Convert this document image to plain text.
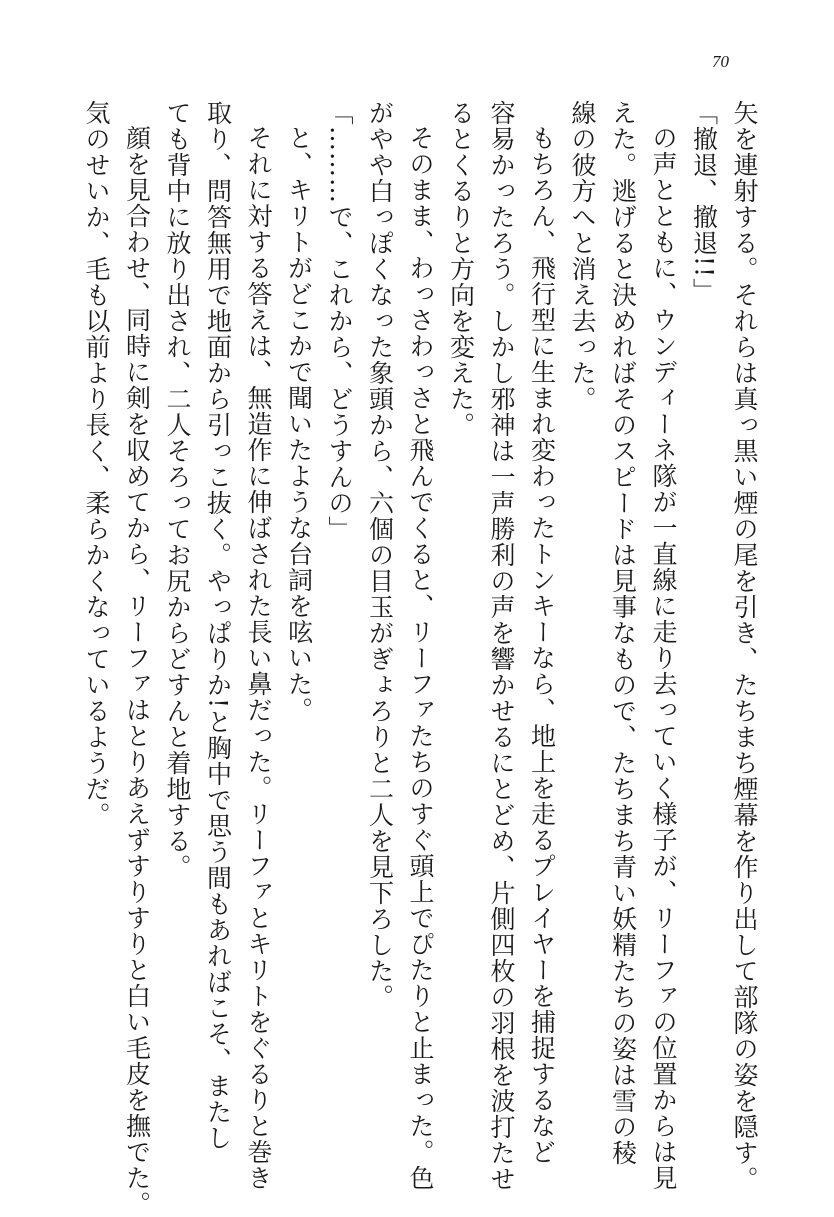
70
矢を連射する。それらは真っ黒い煙の尾を引き、たちまち煙幕を作り出して部隊の姿を隠す。
「撤退、撤退!!」
の声とともに、ウンディーネ隊が一直線に走り去っていく様子が、リーファの位置からは見
えた。逃げると決めればそのスピードは見事なもので、たちまち青い妖精たちの姿は雪の稜
線の彼方へと消え去った。
もちろん、飛行型に生まれ変わったトンキーなら、地上を走るプレイヤーを捕捉するなど
容易かったろう。しかし邪神は一声勝利の声を響かせるにとどめ、片側四枚の羽根を波打たせ
るとくるりと方向を変えた。
そのまま、わっさわっさと飛んでくると、リーファたちのすぐ頭上でぴたりと止まった。色
がやや白っぽくなった象頭から、六個の目玉がぎょろりと二人を見下ろした。
「………で、これから、どうすんの」
と、キリトがどこかで聞いたような台詞を呟いた。
それに対する答えは、無造作に伸ばされた長い鼻だった。リーファとキリトをぐるりと巻き
取り、問答無用で地面から引っこ抜く。やっぱりか!と胸中で思う間もあればこそ、またし
ても背中に放り出され、二人そろってお尻からどすんと着地する。
顔を見合わせ、同時に剣を収めてから、リーファはとりあえずすりすりと白い毛皮を撫でた。
気のせいか、毛も以前より長く、柔らかくなっているようだ。
